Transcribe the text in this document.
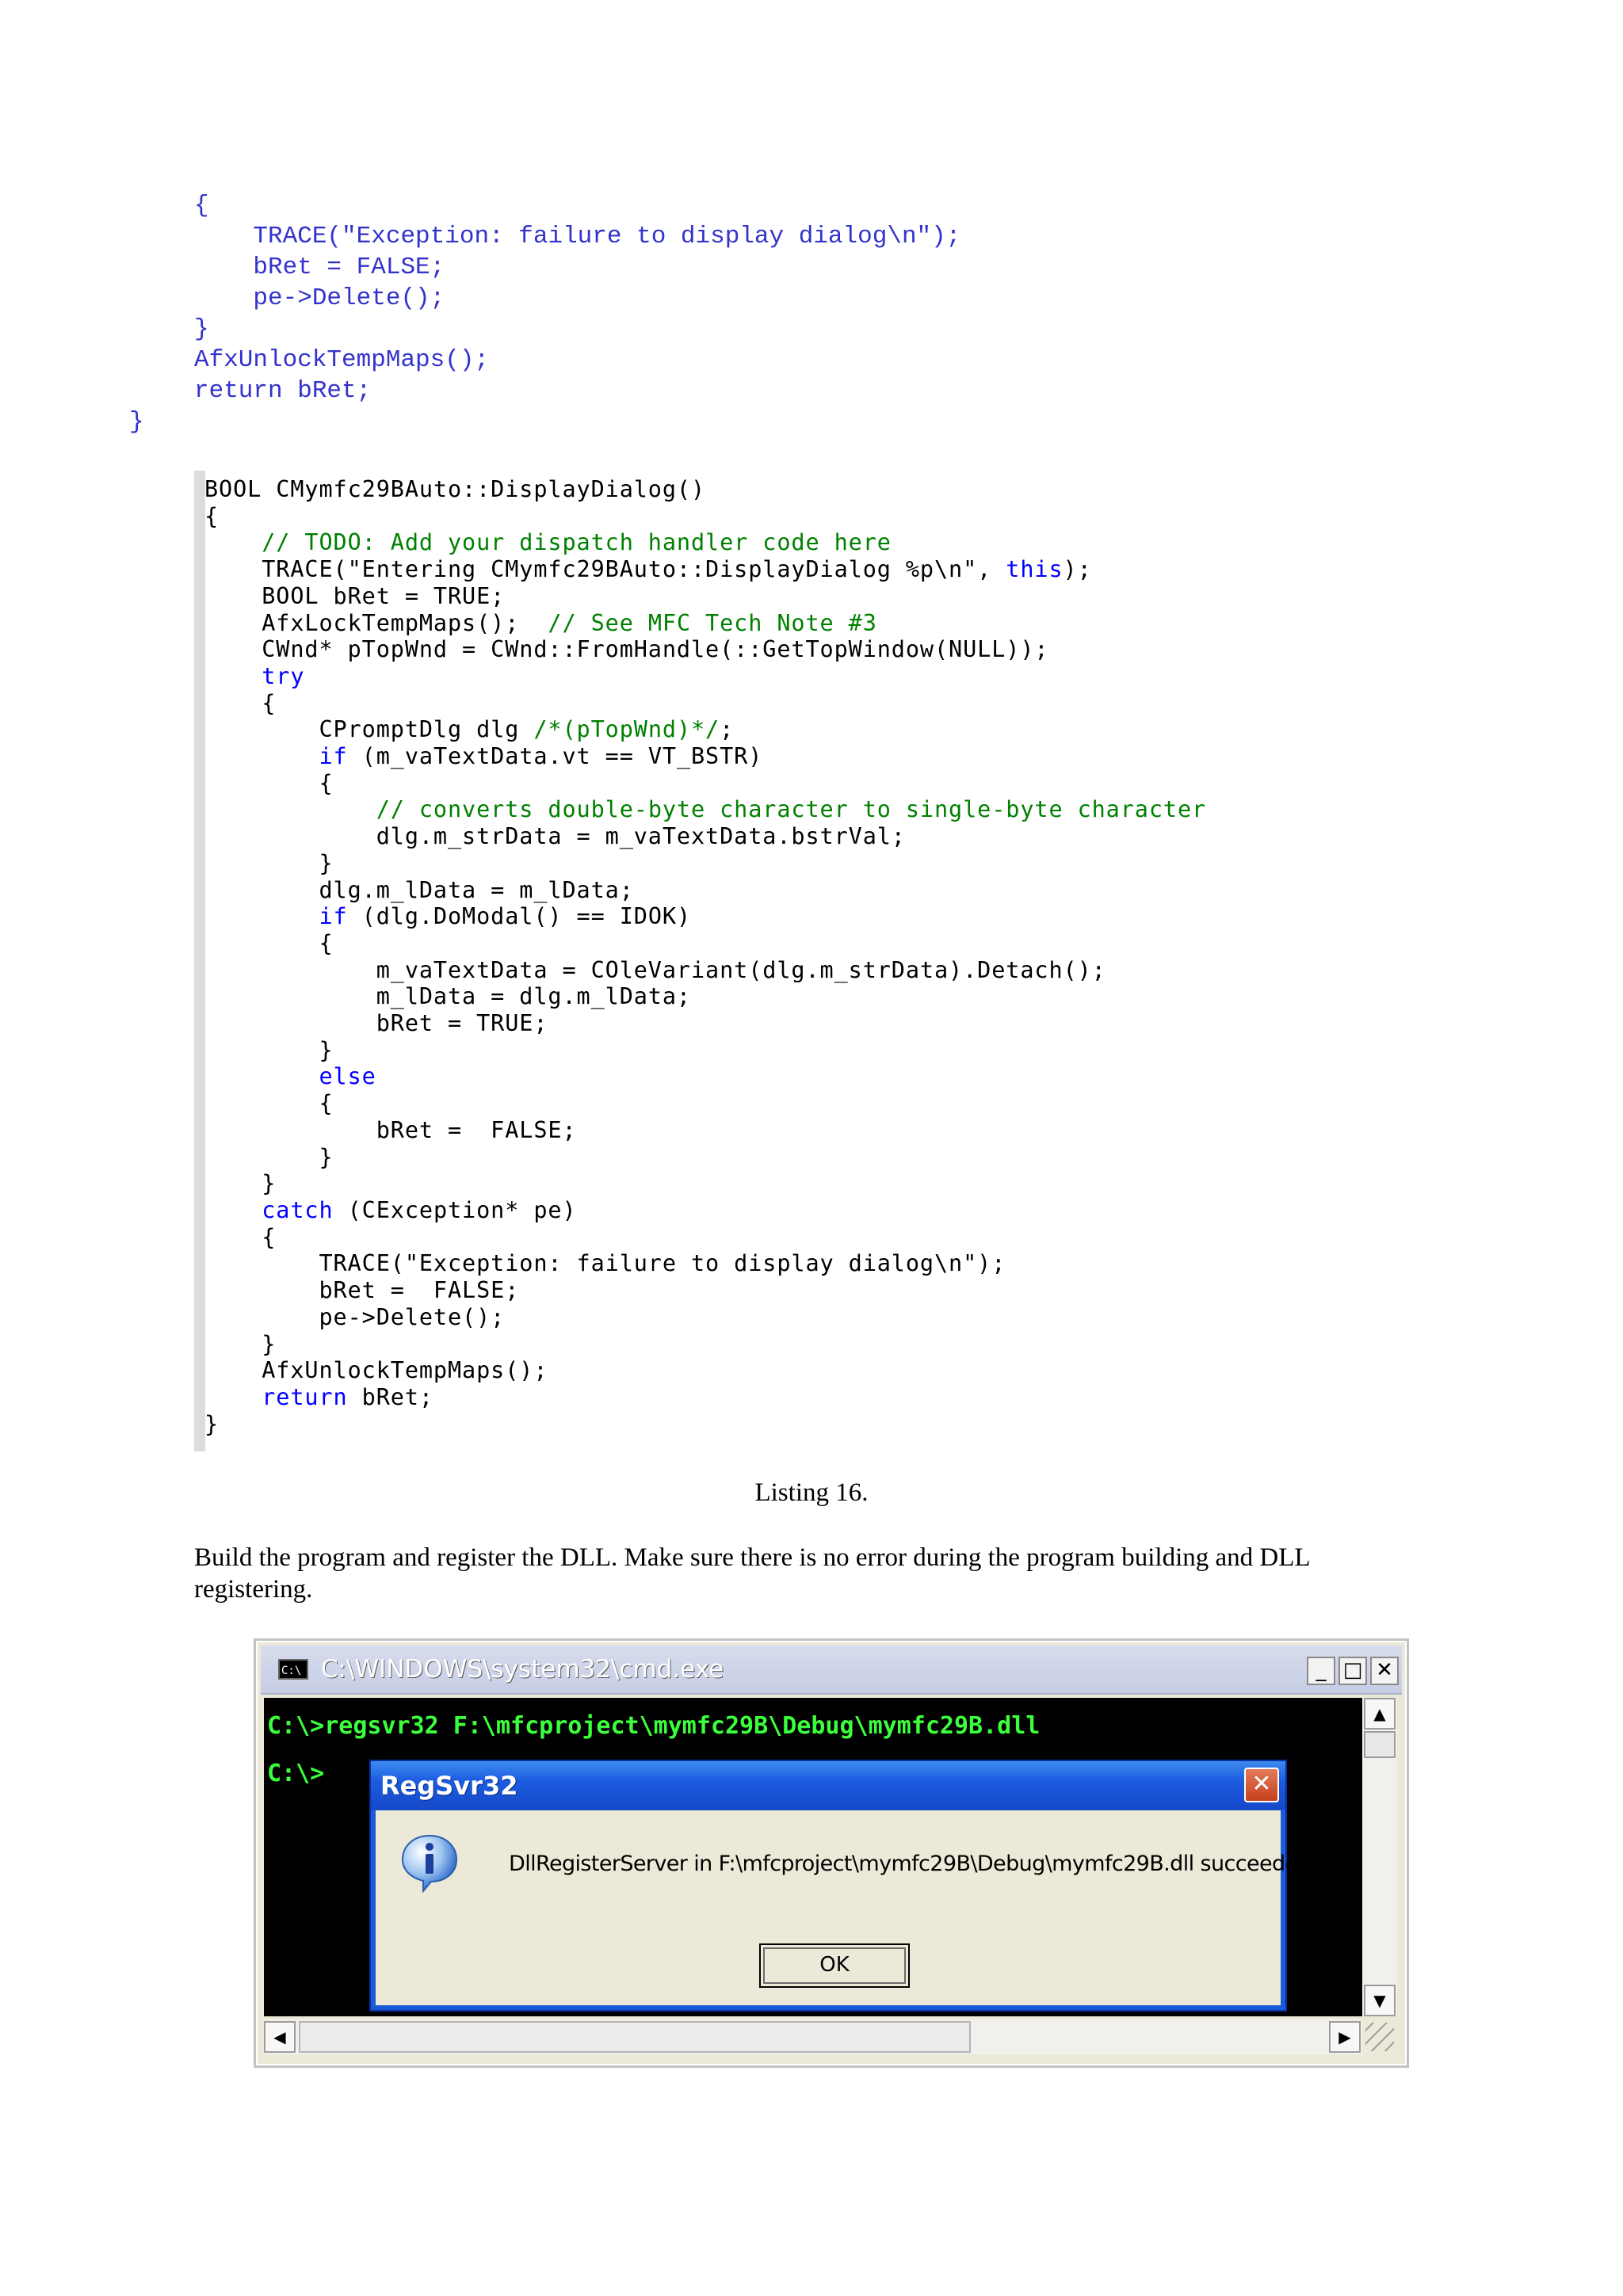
{
TRACE("Exception: failure to display dialog\n");
bRet = FALSE;
pe->Delete();
}
AfxUnlockTempMaps();
return bRet;
}
BOOL CMymfc29BAuto::DisplayDialog()
{
// TODO: Add your dispatch handler code here
TRACE("Entering CMymfc29BAuto::DisplayDialog %p\n", this);
BOOL bRet = TRUE;
AfxLockTempMaps();  // See MFC Tech Note #3
CWnd* pTopWnd = CWnd::FromHandle(::GetTopWindow(NULL));
try
{
CPromptDlg dlg /*(pTopWnd)*/;
if (m_vaTextData.vt == VT_BSTR)
{
// converts double-byte character to single-byte character
dlg.m_strData = m_vaTextData.bstrVal;
}
dlg.m_lData = m_lData;
if (dlg.DoModal() == IDOK)
{
m_vaTextData = COleVariant(dlg.m_strData).Detach();
m_lData = dlg.m_lData;
bRet = TRUE;
}
else
{
bRet =  FALSE;
}
}
catch (CException* pe)
{
TRACE("Exception: failure to display dialog\n");
bRet =  FALSE;
pe->Delete();
}
AfxUnlockTempMaps();
return bRet;
}

Listing 16.
Build the program and register the DLL. Make sure there is no error during the program building and DLL registering.
C:\ C:\WINDOWS\system32\cmd.exe	_ □ ✕
C:\>regsvr32 F:\mfcproject\mymfc29B\Debug\mymfc29B.dll
C:\>
▲
▼
◀	▶
RegSvr32	✕
DllRegisterServer in F:\mfcproject\mymfc29B\Debug\mymfc29B.dll succeeded.
OK
